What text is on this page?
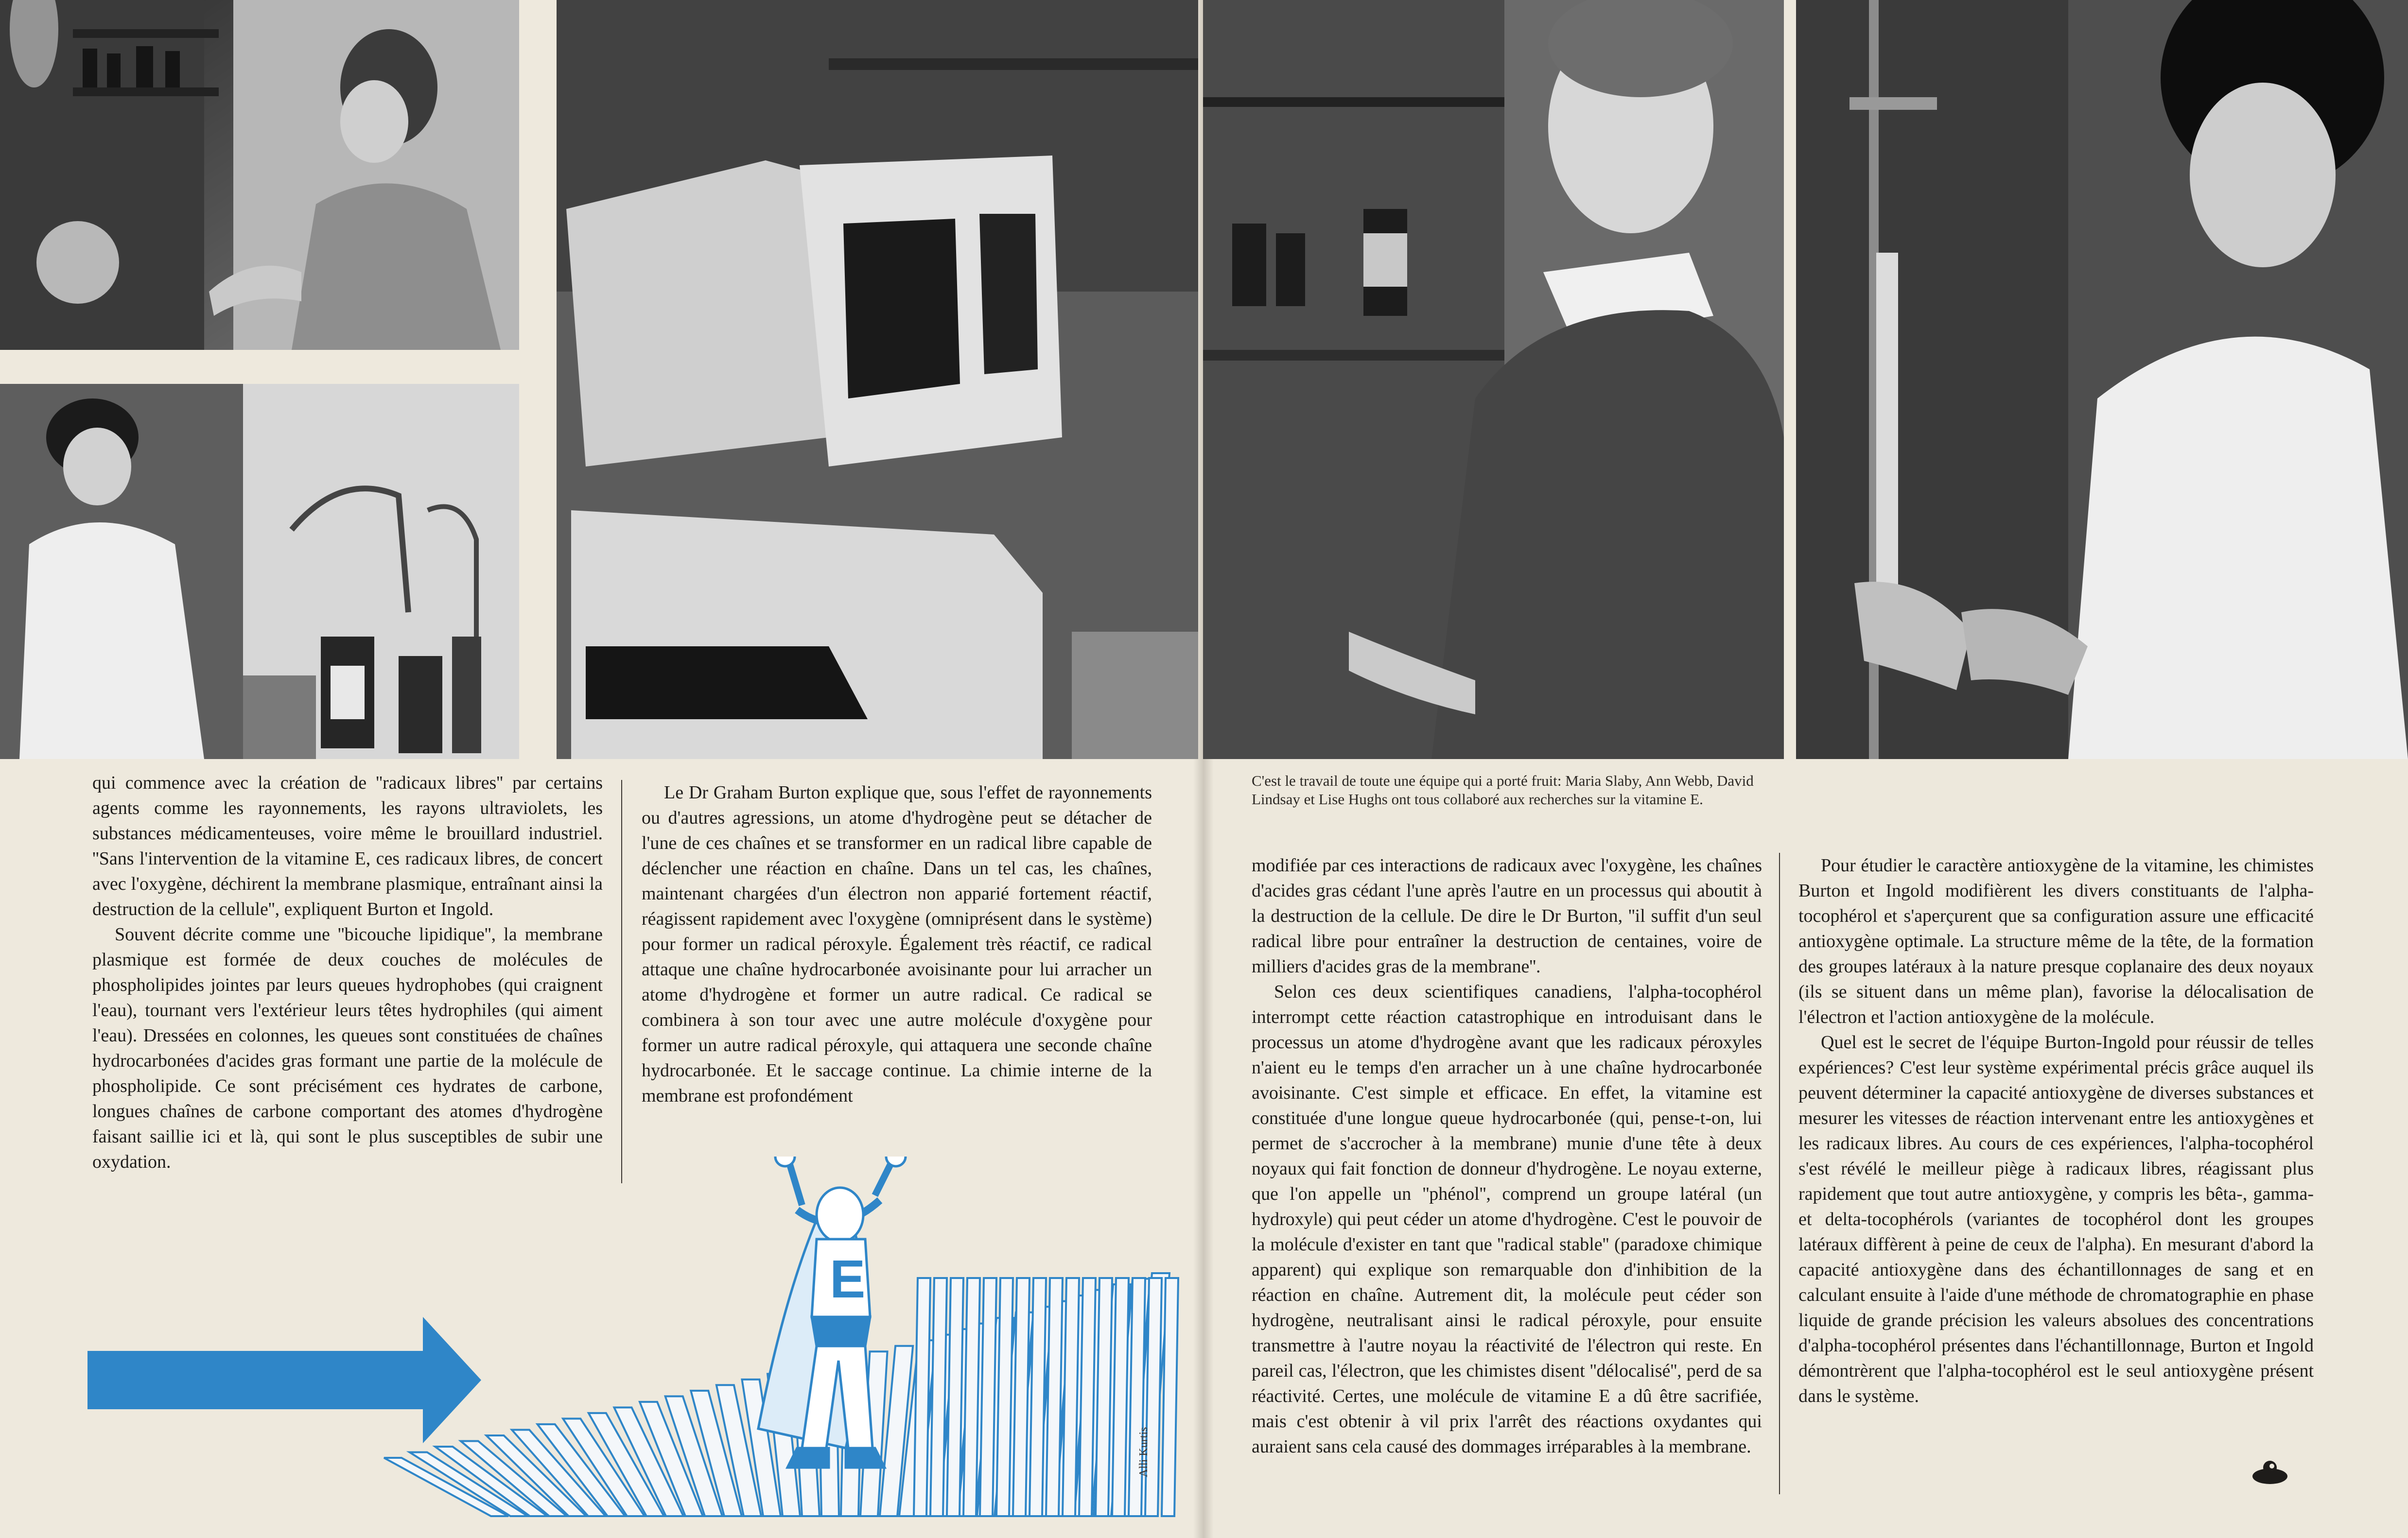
qui commence avec la création de ''radicaux libres'' par certains agents comme les rayonnements, les rayons ultraviolets, les substances médicamenteuses, voire même le brouillard industriel. ''Sans l'intervention de la vitamine E, ces radicaux libres, de concert avec l'oxygène, déchirent la membrane plasmique, entraînant ainsi la destruction de la cellule'', expliquent Burton et Ingold.

Souvent décrite comme une ''bicouche lipidique'', la membrane plasmique est formée de deux couches de molécules de phospholipides jointes par leurs queues hydrophobes (qui craignent l'eau), tournant vers l'extérieur leurs têtes hydrophiles (qui aiment l'eau). Dressées en colonnes, les queues sont constituées de chaînes hydrocarbonées d'acides gras formant une partie de la molécule de phospholipide. Ce sont précisément ces hydrates de carbone, longues chaînes de carbone comportant des atomes d'hydrogène faisant saillie ici et là, qui sont le plus susceptibles de subir une oxydation.

Le Dr Graham Burton explique que, sous l'effet de rayonnements ou d'autres agressions, un atome d'hydrogène peut se détacher de l'une de ces chaînes et se transformer en un radical libre capable de déclencher une réaction en chaîne. Dans un tel cas, les chaînes, maintenant chargées d'un électron non apparié fortement réactif, réagissent rapidement avec l'oxygène (omniprésent dans le système) pour former un radical péroxyle. Également très réactif, ce radical attaque une chaîne hydrocarbonée avoisinante pour lui arracher un atome d'hydrogène et former un autre radical. Ce radical se combinera à son tour avec une autre molécule d'oxygène pour former un autre radical péroxyle, qui attaquera une seconde chaîne hydrocarbonée. Et le saccage continue. La chimie interne de la membrane est profondément

C'est le travail de toute une équipe qui a porté fruit: Maria Slaby, Ann Webb, David Lindsay et Lise Hughs ont tous collaboré aux recherches sur la vitamine E.

modifiée par ces interactions de radicaux avec l'oxygène, les chaînes d'acides gras cédant l'une après l'autre en un processus qui aboutit à la destruction de la cellule. De dire le Dr Burton, ''il suffit d'un seul radical libre pour entraîner la destruction de centaines, voire de milliers d'acides gras de la membrane''.

Selon ces deux scientifiques canadiens, l'alpha-tocophérol interrompt cette réaction catastrophique en introduisant dans le processus un atome d'hydrogène avant que les radicaux péroxyles n'aient eu le temps d'en arracher un à une chaîne hydrocarbonée avoisinante. C'est simple et efficace. En effet, la vitamine est constituée d'une longue queue hydrocarbonée (qui, pense-t-on, lui permet de s'accrocher à la membrane) munie d'une tête à deux noyaux qui fait fonction de donneur d'hydrogène. Le noyau externe, que l'on appelle un ''phénol'', comprend un groupe latéral (un hydroxyle) qui peut céder un atome d'hydrogène. C'est le pouvoir de la molécule d'exister en tant que ''radical stable'' (paradoxe chimique apparent) qui explique son remarquable don d'inhibition de la réaction en chaîne. Autrement dit, la molécule peut céder son hydrogène, neutralisant ainsi le radical péroxyle, pour ensuite transmettre à l'autre noyau la réactivité de l'électron qui reste. En pareil cas, l'électron, que les chimistes disent ''délocalisé'', perd de sa réactivité. Certes, une molécule de vitamine E a dû être sacrifiée, mais c'est obtenir à vil prix l'arrêt des réactions oxydantes qui auraient sans cela causé des dommages irréparables à la membrane.

Pour étudier le caractère antioxygène de la vitamine, les chimistes Burton et Ingold modifièrent les divers constituants de l'alpha-tocophérol et s'aperçurent que sa configuration assure une efficacité antioxygène optimale. La structure même de la tête, de la formation des groupes latéraux à la nature presque coplanaire des deux noyaux (ils se situent dans un même plan), favorise la délocalisation de l'électron et l'action antioxygène de la molécule.

Quel est le secret de l'équipe Burton-Ingold pour réussir de telles expériences? C'est leur système expérimental précis grâce auquel ils peuvent déterminer la capacité antioxygène de diverses substances et mesurer les vitesses de réaction intervenant entre les antioxygènes et les radicaux libres. Au cours de ces expériences, l'alpha-tocophérol s'est révélé le meilleur piège à radicaux libres, réagissant plus rapidement que tout autre antioxygène, y compris les bêta-, gamma- et delta-tocophérols (variantes de tocophérol dont les groupes latéraux diffèrent à peine de ceux de l'alpha). En mesurant d'abord la capacité antioxygène dans des échantillonnages de sang et en calculant ensuite à l'aide d'une méthode de chromatographie en phase liquide de grande précision les valeurs absolues des concentrations d'alpha-tocophérol présentes dans l'échantillonnage, Burton et Ingold démontrèrent que l'alpha-tocophérol est le seul antioxygène présent dans le système.

E
Alli Kurtis
